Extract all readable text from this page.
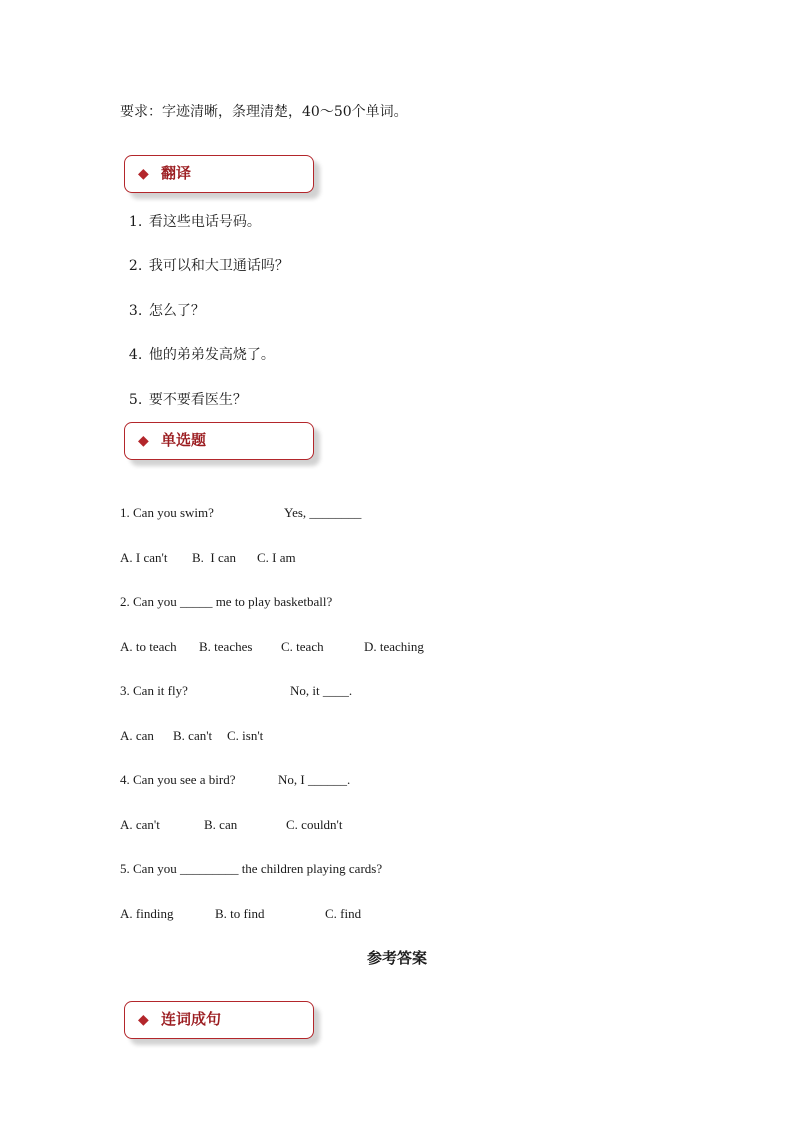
要求：字迹清晰，条理清楚，40～50个单词。
◆ 翻译

1. 看这些电话号码。

2. 我可以和大卫通话吗？

3. 怎么了？

4. 他的弟弟发高烧了。

5. 要不要看医生？

◆ 单选题

1. Can you swim?

	Yes, ________

A. I can't

B.  I can

C. I am

2. Can you _____ me to play basketball?

A. to teach

B. teaches

C. teach

	D. teaching

3. Can it fly?

	No, it ____.

A. can

B. can't

C. isn't

4. Can you see a bird?

	No, I ______.

A. can't

	B. can

	C. couldn't

5. Can you _________ the children playing cards?

A. finding

	B. to find

	C. find

参考答案
◆ 连词成句
